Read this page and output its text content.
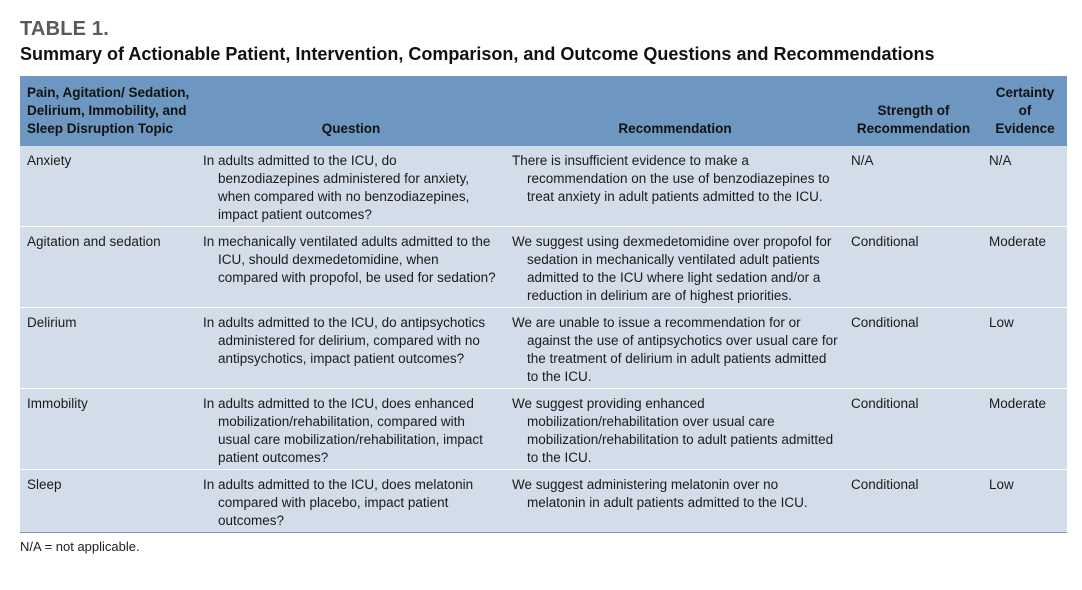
TABLE 1.
Summary of Actionable Patient, Intervention, Comparison, and Outcome Questions and Recommendations
Pain, Agitation/ Sedation, Delirium, Immobility, and Sleep Disruption Topic	Question	Recommendation	Strength of Recommendation	Certainty of Evidence
Anxiety	In adults admitted to the ICU, do benzodiazepines administered for anxiety, when compared with no benzodiazepines, impact patient outcomes?	There is insufficient evidence to make a recommendation on the use of benzodiazepines to treat anxiety in adult patients admitted to the ICU.	N/A	N/A
Agitation and sedation	In mechanically ventilated adults admitted to the ICU, should dexmedetomidine, when compared with propofol, be used for sedation?	We suggest using dexmedetomidine over propofol for sedation in mechanically ventilated adult patients admitted to the ICU where light sedation and/or a reduction in delirium are of highest priorities.	Conditional	Moderate
Delirium	In adults admitted to the ICU, do antipsychotics administered for delirium, compared with no antipsychotics, impact patient outcomes?	We are unable to issue a recommendation for or against the use of antipsychotics over usual care for the treatment of delirium in adult patients admitted to the ICU.	Conditional	Low
Immobility	In adults admitted to the ICU, does enhanced mobilization/rehabilitation, compared with usual care mobilization/rehabilitation, impact patient outcomes?	We suggest providing enhanced mobilization/rehabilitation over usual care mobilization/rehabilitation to adult patients admitted to the ICU.	Conditional	Moderate
Sleep	In adults admitted to the ICU, does melatonin compared with placebo, impact patient outcomes?	We suggest administering melatonin over no melatonin in adult patients admitted to the ICU.	Conditional	Low
N/A = not applicable.
